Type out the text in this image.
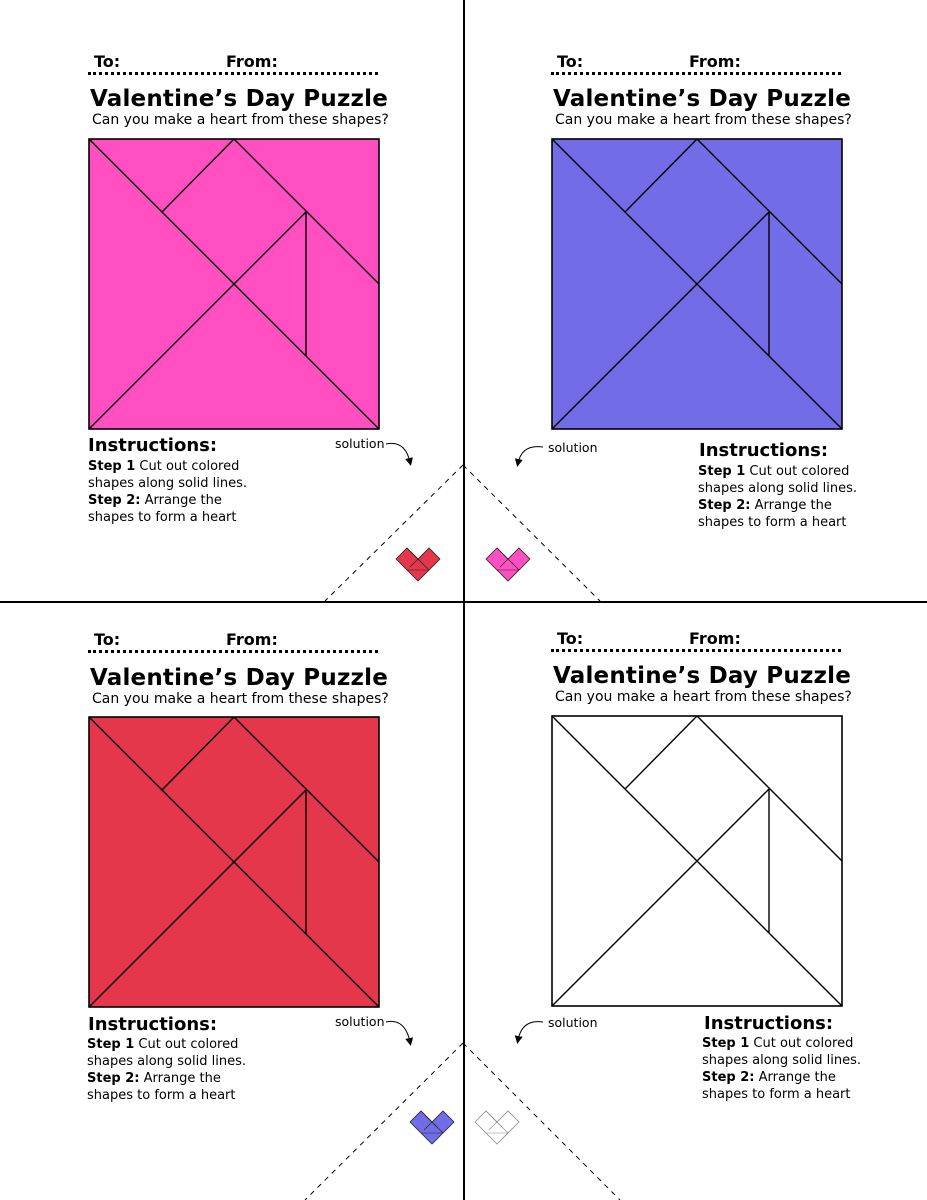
To:	From:
Valentine’s Day Puzzle
Can you make a heart from these shapes?
Instructions:
Step 1 Cut out colored shapes along solid lines.
Step 2: Arrange the shapes to form a heart
solution
To:	From:
Valentine’s Day Puzzle
Can you make a heart from these shapes?
Instructions:
Step 1 Cut out colored shapes along solid lines.
Step 2: Arrange the shapes to form a heart
solution
To:	From:
Valentine’s Day Puzzle
Can you make a heart from these shapes?
Instructions:
Step 1 Cut out colored shapes along solid lines.
Step 2: Arrange the shapes to form a heart
solution
To:	From:
Valentine’s Day Puzzle
Can you make a heart from these shapes?
Instructions:
Step 1 Cut out colored shapes along solid lines.
Step 2: Arrange the shapes to form a heart
solution
